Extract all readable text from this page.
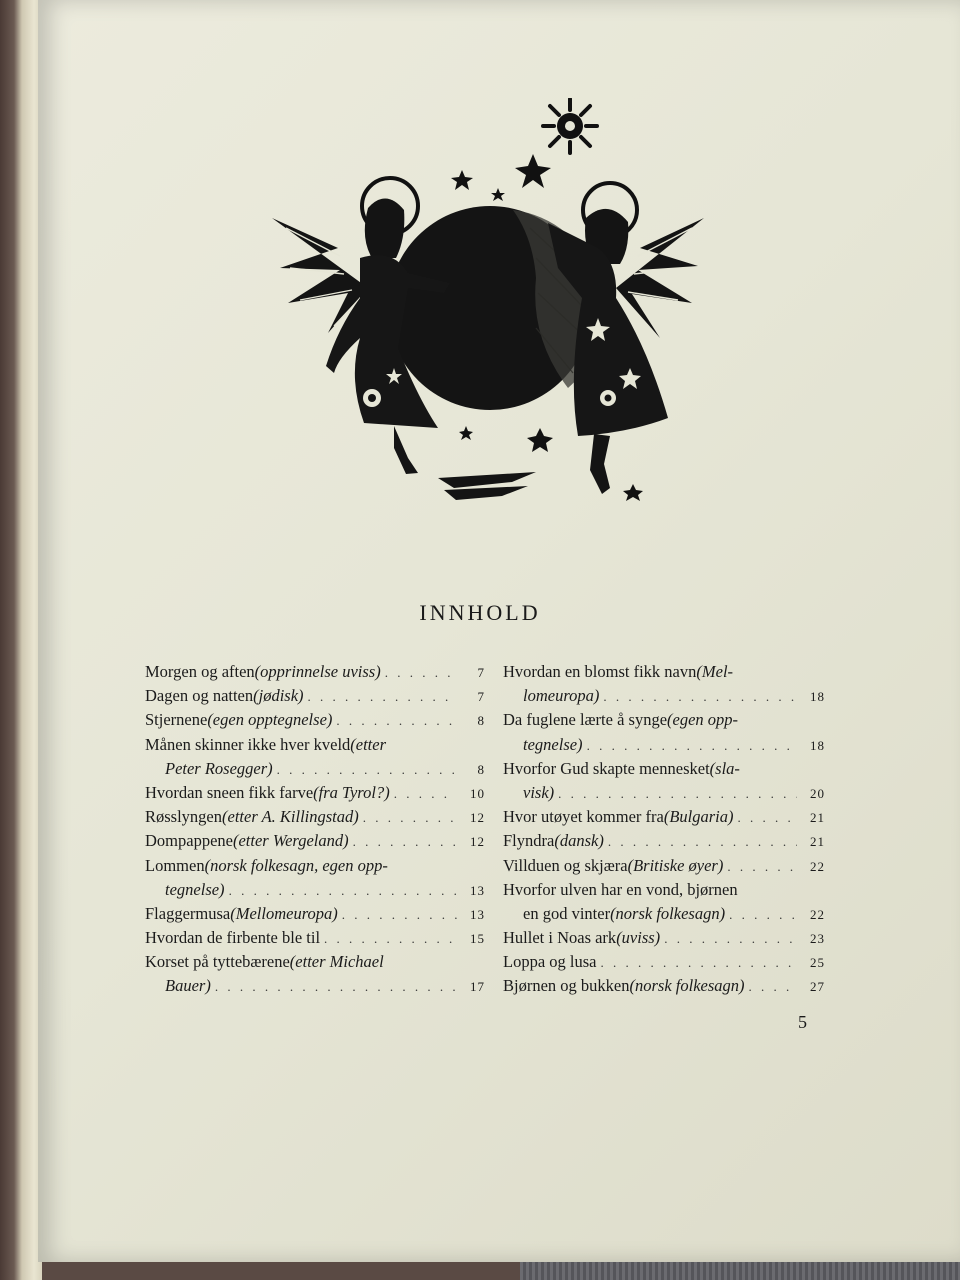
INNHOLD
Morgen og aften (opprinnelse uviss) . . .	7
Dagen og natten (jødisk) . . .	7
Stjernene (egen opptegnelse) . . .	8
Månen skinner ikke hver kveld (etter
Peter Rosegger) . . .	8
Hvordan sneen fikk farve (fra Tyrol?) . . .	10
Røsslyngen (etter A. Killingstad) . . .	12
Dompappene (etter Wergeland) . . .	12
Lommen (norsk folkesagn, egen opp-
tegnelse) . . .	13
Flaggermusa (Mellomeuropa) . . .	13
Hvordan de firbente ble til . . .	15
Korset på tyttebærene (etter Michael
Bauer) . . .	17
Hvordan en blomst fikk navn (Mel-
lomeuropa) . . .	18
Da fuglene lærte å synge (egen opp-
tegnelse) . . .	18
Hvorfor Gud skapte mennesket (sla-
visk) . . .	20
Hvor utøyet kommer fra (Bulgaria) . . .	21
Flyndra (dansk) . . .	21
Villduen og skjæra (Britiske øyer) . . .	22
Hvorfor ulven har en vond, bjørnen
en god vinter (norsk folkesagn) . . .	22
Hullet i Noas ark (uviss) . . .	23
Loppa og lusa . . .	25
Bjørnen og bukken (norsk folkesagn) . . .	27
5
